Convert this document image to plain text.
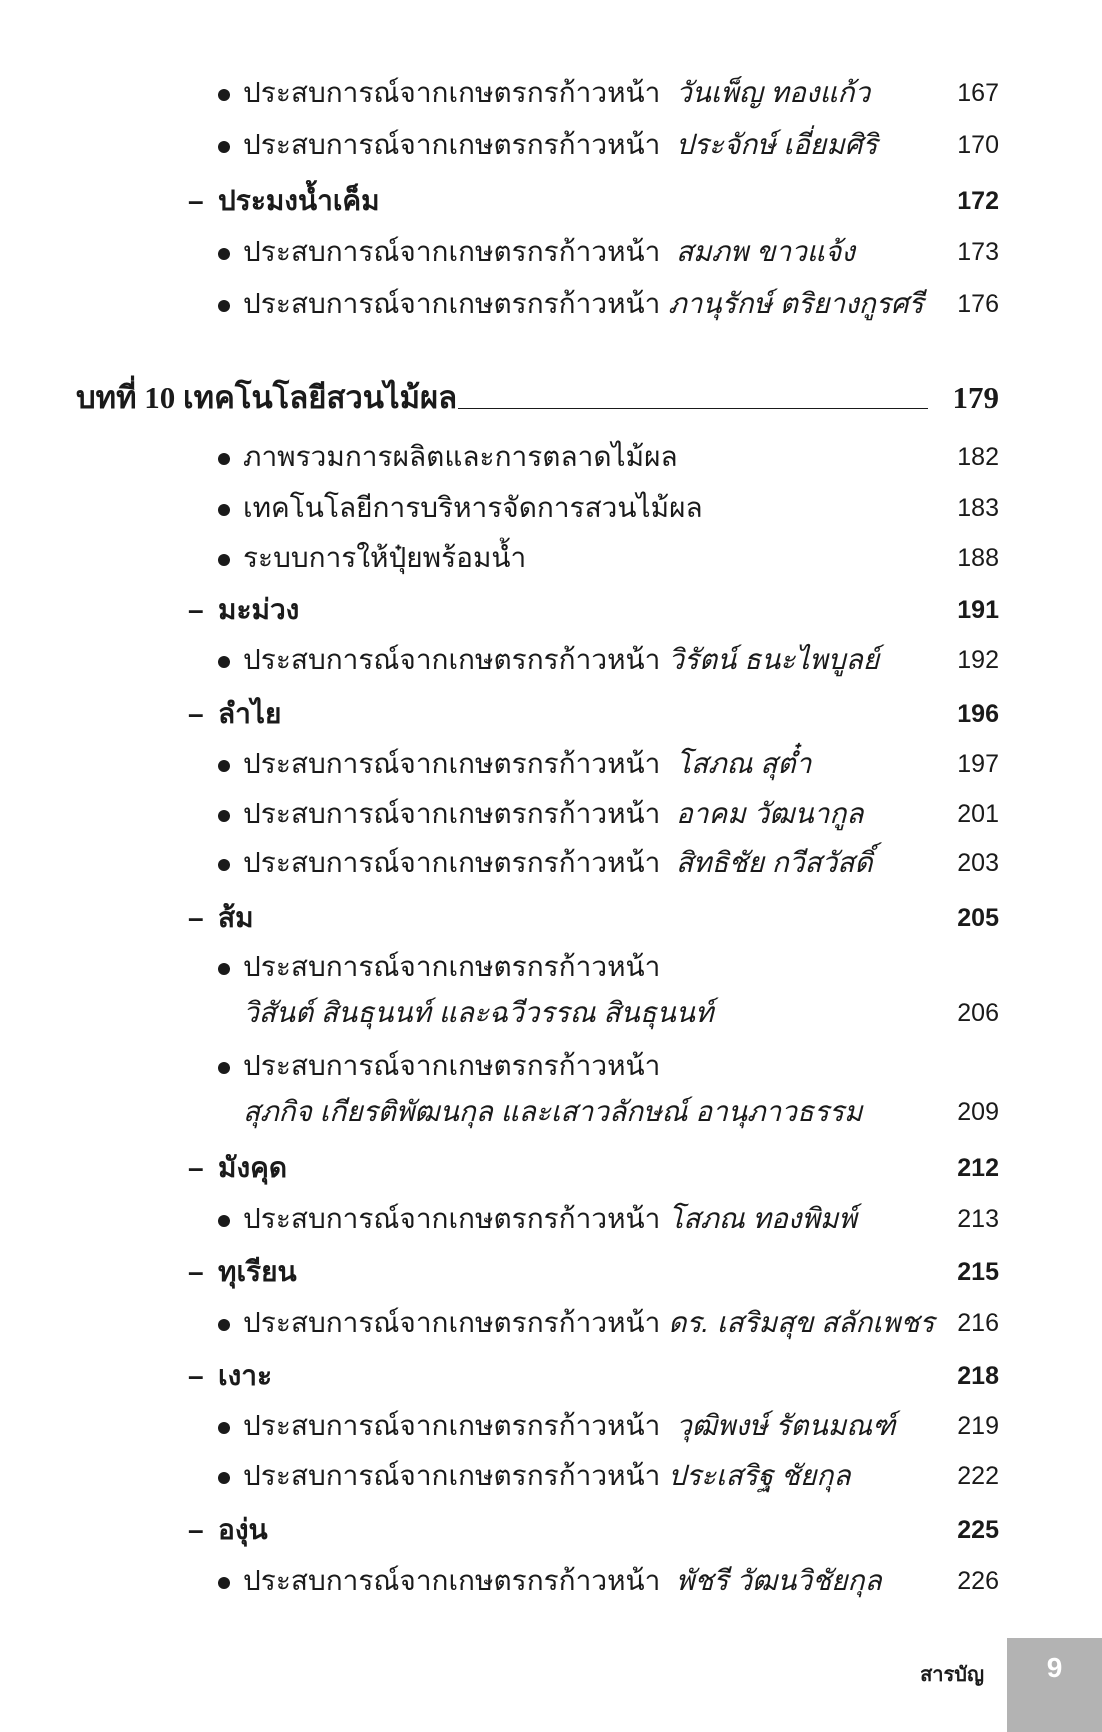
ประสบการณ์จากเกษตรกรก้าวหน้า วันเพ็ญ ทองแก้ว	167
ประสบการณ์จากเกษตรกรก้าวหน้า ประจักษ์ เอี่ยมศิริ	170
– ประมงน้ำเค็ม	172
ประสบการณ์จากเกษตรกรก้าวหน้า สมภพ ขาวแจ้ง	173
ประสบการณ์จากเกษตรกรก้าวหน้า ภานุรักษ์ ตริยางกูรศรี 176
บทที่ 10 เทคโนโลยีสวนไม้ผล	179
ภาพรวมการผลิตและการตลาดไม้ผล	182
เทคโนโลยีการบริหารจัดการสวนไม้ผล	183
ระบบการให้ปุ๋ยพร้อมน้ำ	188
– มะม่วง	191
ประสบการณ์จากเกษตรกรก้าวหน้า วิรัตน์ ธนะไพบูลย์	192
– ลำไย	196
ประสบการณ์จากเกษตรกรก้าวหน้า โสภณ สุต๋ำ	197
ประสบการณ์จากเกษตรกรก้าวหน้า อาคม วัฒนากูล	201
ประสบการณ์จากเกษตรกรก้าวหน้า สิทธิชัย กวีสวัสดิ์	203
– ส้ม	205
ประสบการณ์จากเกษตรกรก้าวหน้า
วิสันต์ สินธุนนท์ และฉวีวรรณ สินธุนนท์	206
ประสบการณ์จากเกษตรกรก้าวหน้า
สุภกิจ เกียรติพัฒนกุล และเสาวลักษณ์ อานุภาวธรรม	209
– มังคุด	212
ประสบการณ์จากเกษตรกรก้าวหน้า โสภณ ทองพิมพ์	213
– ทุเรียน	215
ประสบการณ์จากเกษตรกรก้าวหน้า ดร. เสริมสุข สลักเพชร 216
– เงาะ	218
ประสบการณ์จากเกษตรกรก้าวหน้า วุฒิพงษ์ รัตนมณฑ์ 219
ประสบการณ์จากเกษตรกรก้าวหน้า ประเสริฐ ชัยกุล	222
– องุ่น	225
ประสบการณ์จากเกษตรกรก้าวหน้า พัชรี วัฒนวิชัยกุล	226
สารบัญ	9
